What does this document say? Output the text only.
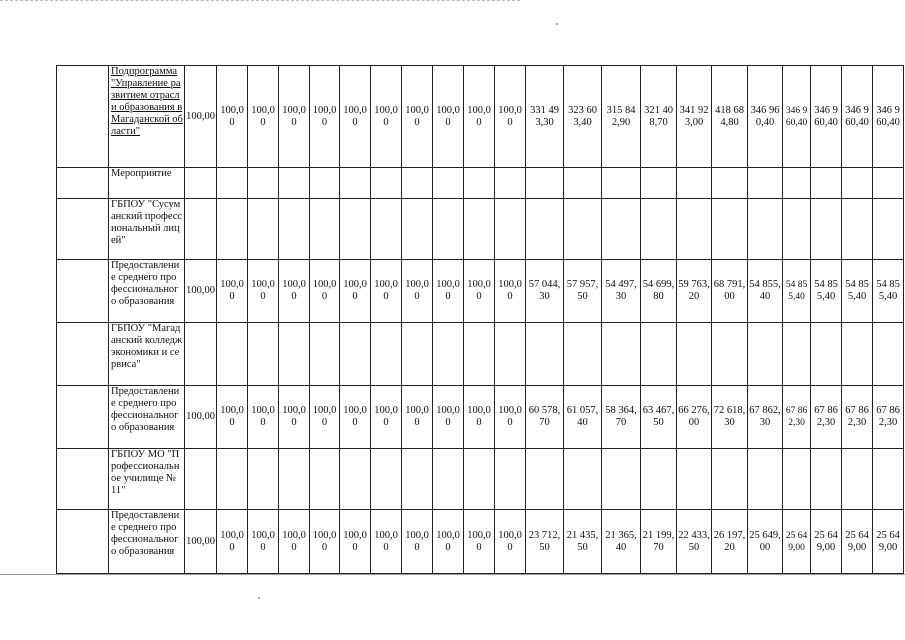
	Подпрограмма "Управление развитием отрасли образования в Магаданской области"	100,00	100,00	100,00	100,00	100,00	100,00	100,00	100,00	100,00	100,00	100,00	331 493,30	323 603,40	315 842,90	321 408,70	341 923,00	418 684,80	346 960,40	346 960,40	346 960,40	346 960,40	346 960,40
	Мероприятие																						
	ГБПОУ "Сусуманский профессиональный лицей"																						
	Предоставление среднего профессионального образования	100,00	100,00	100,00	100,00	100,00	100,00	100,00	100,00	100,00	100,00	100,00	57 044,30	57 957,50	54 497,30	54 699,80	59 763,20	68 791,00	54 855,40	54 855,40	54 855,40	54 855,40	54 855,40
	ГБПОУ "Магаданский колледж экономики и сервиса"																						
	Предоставление среднего профессионального образования	100,00	100,00	100,00	100,00	100,00	100,00	100,00	100,00	100,00	100,00	100,00	60 578,70	61 057,40	58 364,70	63 467,50	66 276,00	72 618,30	67 862,30	67 862,30	67 862,30	67 862,30	67 862,30
	ГБПОУ МО "Профессиональное училище № 11"																						
	Предоставление среднего профессионального образования	100,00	100,00	100,00	100,00	100,00	100,00	100,00	100,00	100,00	100,00	100,00	23 712,50	21 435,50	21 365,40	21 199,70	22 433,50	26 197,20	25 649,00	25 649,00	25 649,00	25 649,00	25 649,00
